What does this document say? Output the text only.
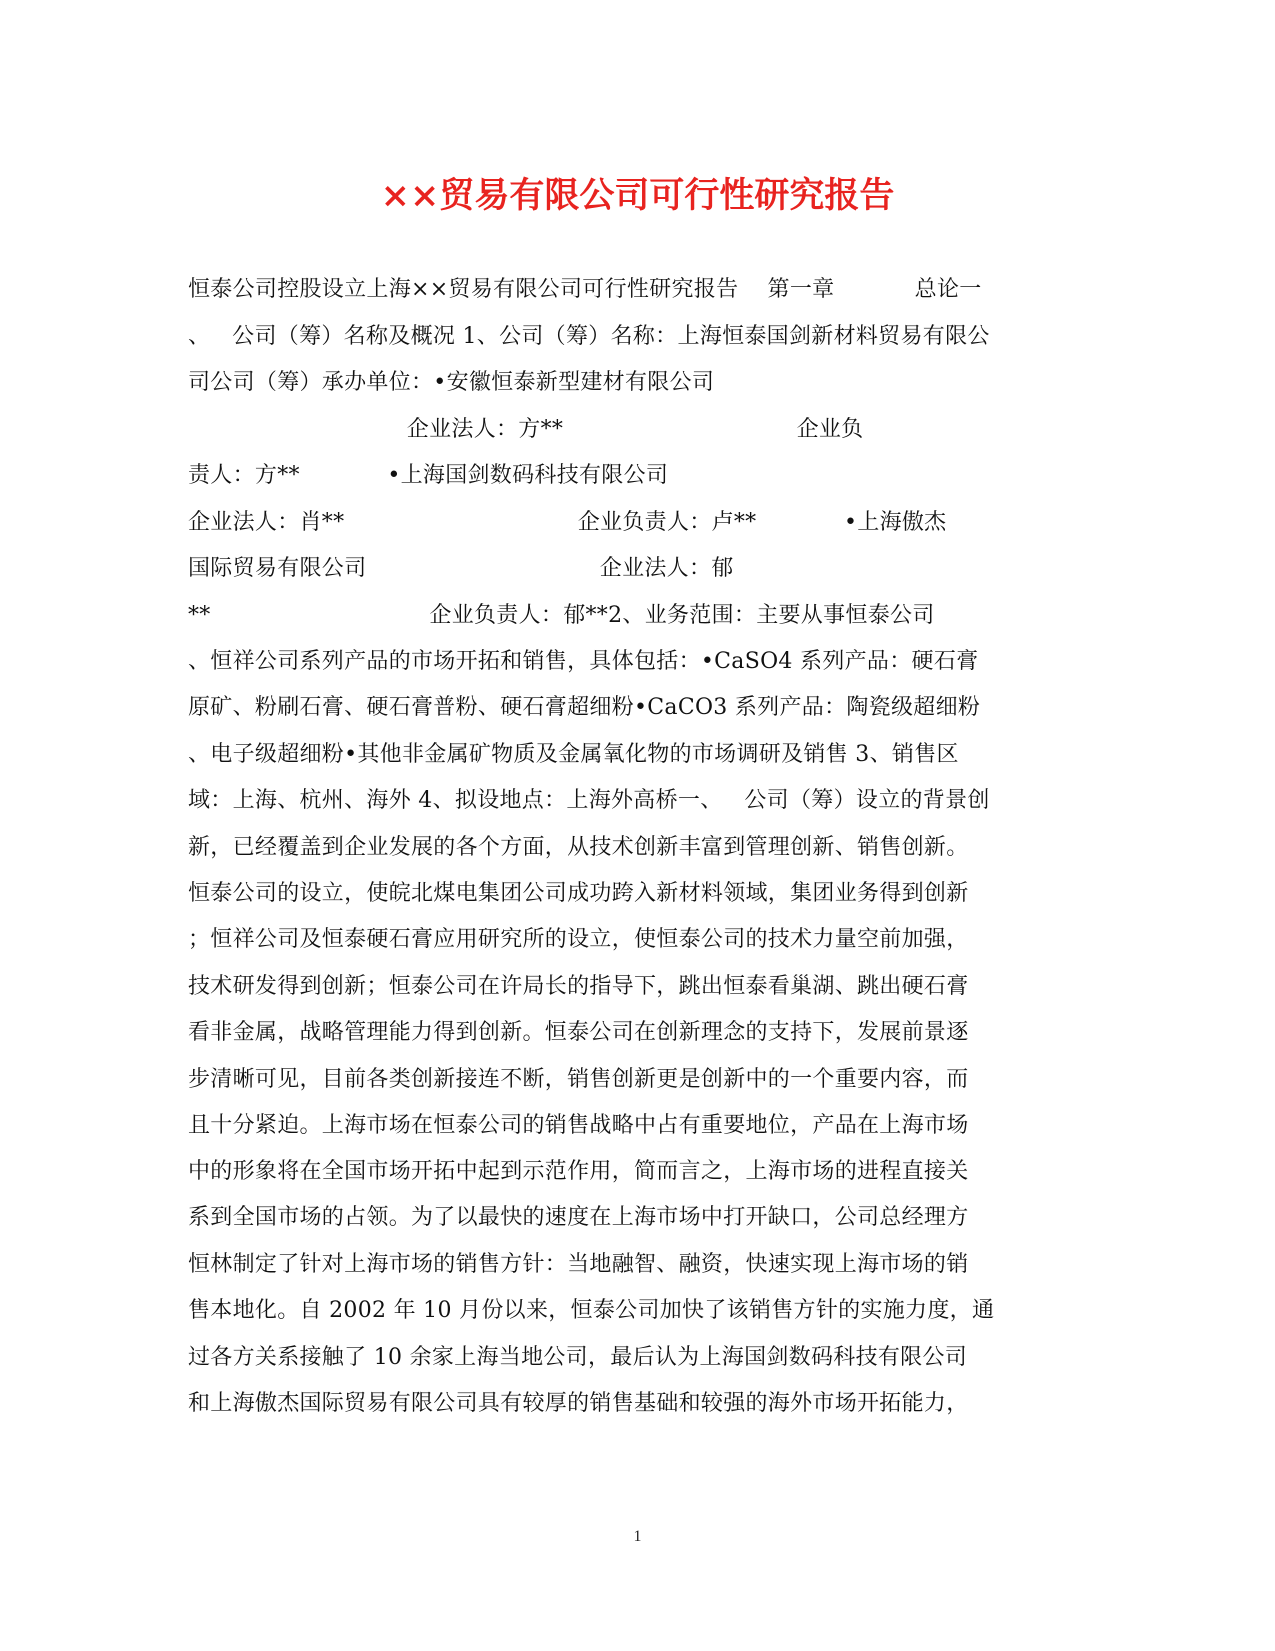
××贸易有限公司可行性研究报告
恒泰公司控股设立上海××贸易有限公司可行性研究报告    第一章           总论一
、   公司（筹）名称及概况 1、公司（筹）名称：上海恒泰国剑新材料贸易有限公
司公司（筹）承办单位：•安徽恒泰新型建材有限公司
企业法人：方**                                企业负
责人：方**            •上海国剑数码科技有限公司
企业法人：肖**                                企业负责人：卢**            •上海傲杰
国际贸易有限公司                                企业法人：郁
**                              企业负责人：郁**2、业务范围：主要从事恒泰公司
、恒祥公司系列产品的市场开拓和销售，具体包括：•CaSO4 系列产品：硬石膏
原矿、粉刷石膏、硬石膏普粉、硬石膏超细粉•CaCO3 系列产品：陶瓷级超细粉
、电子级超细粉•其他非金属矿物质及金属氧化物的市场调研及销售 3、销售区
域：上海、杭州、海外 4、拟设地点：上海外高桥一、   公司（筹）设立的背景创
新，已经覆盖到企业发展的各个方面，从技术创新丰富到管理创新、销售创新。
恒泰公司的设立，使皖北煤电集团公司成功跨入新材料领域，集团业务得到创新
；恒祥公司及恒泰硬石膏应用研究所的设立，使恒泰公司的技术力量空前加强，
技术研发得到创新；恒泰公司在许局长的指导下，跳出恒泰看巢湖、跳出硬石膏
看非金属，战略管理能力得到创新。恒泰公司在创新理念的支持下，发展前景逐
步清晰可见，目前各类创新接连不断，销售创新更是创新中的一个重要内容，而
且十分紧迫。上海市场在恒泰公司的销售战略中占有重要地位，产品在上海市场
中的形象将在全国市场开拓中起到示范作用，简而言之，上海市场的进程直接关
系到全国市场的占领。为了以最快的速度在上海市场中打开缺口，公司总经理方
恒林制定了针对上海市场的销售方针：当地融智、融资，快速实现上海市场的销
售本地化。自 2002 年 10 月份以来，恒泰公司加快了该销售方针的实施力度，通
过各方关系接触了 10 余家上海当地公司，最后认为上海国剑数码科技有限公司
和上海傲杰国际贸易有限公司具有较厚的销售基础和较强的海外市场开拓能力，
1
